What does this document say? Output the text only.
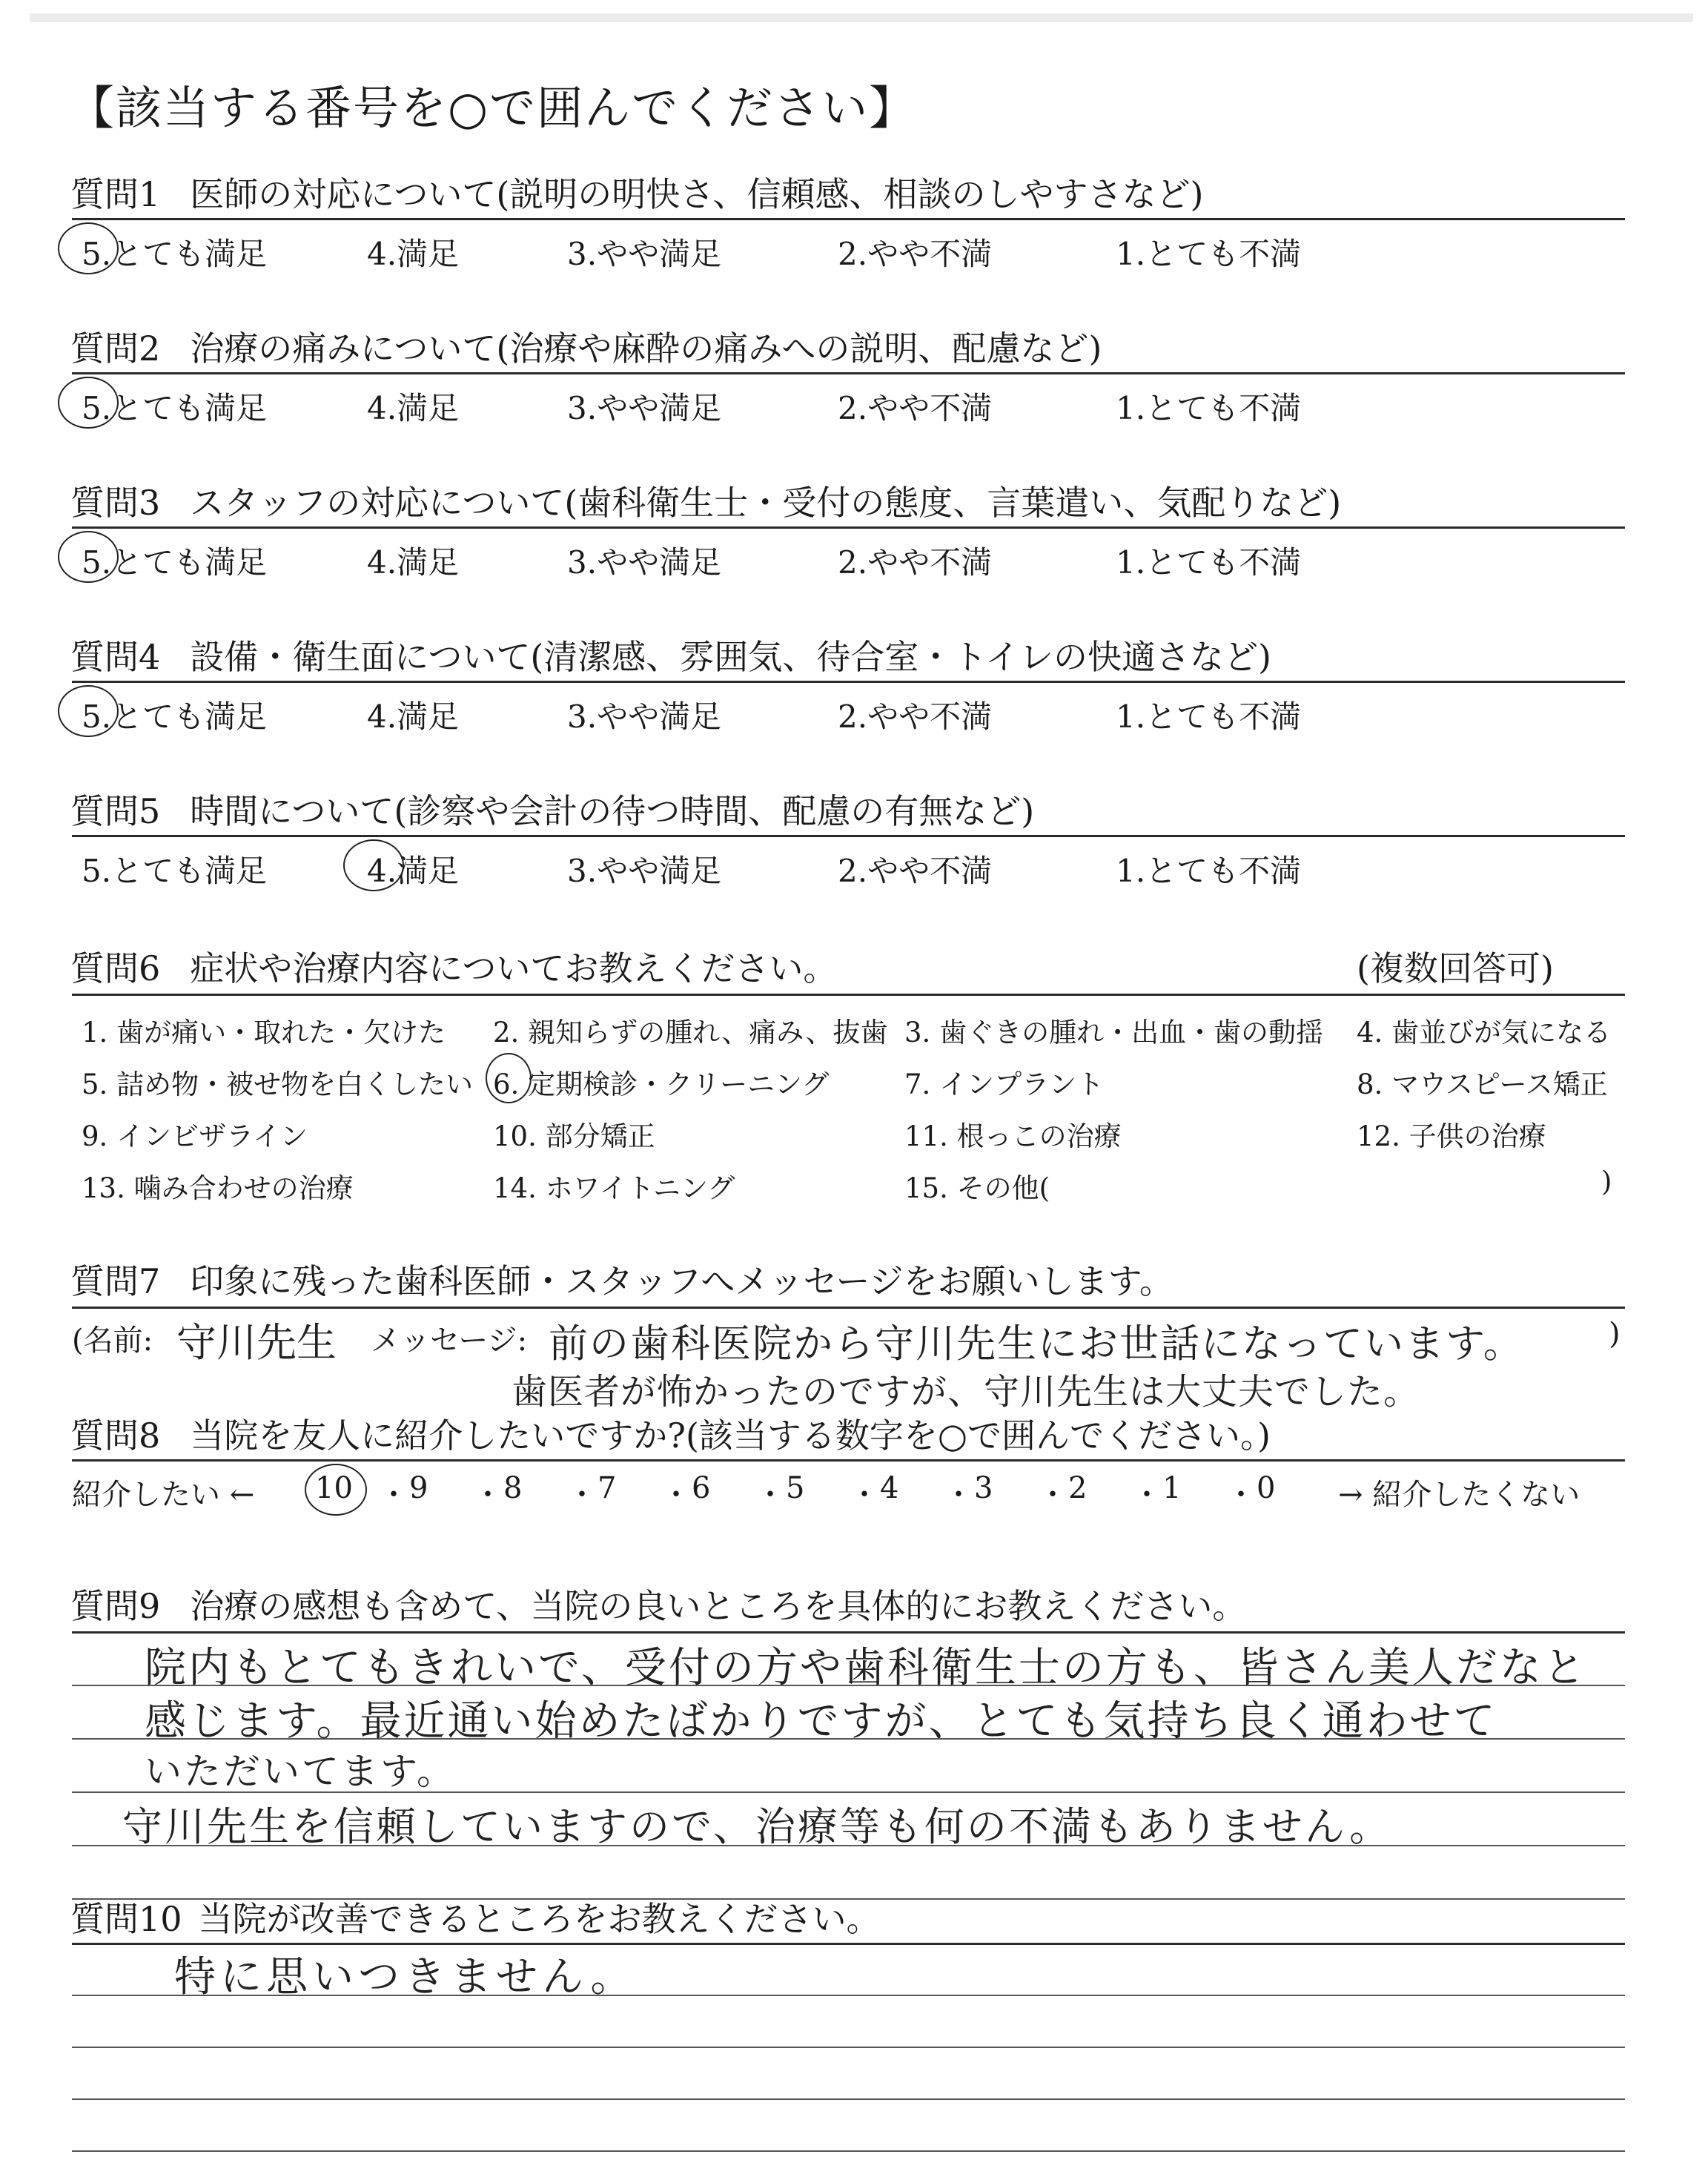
【該当する番号を○で囲んでください】
質問1 医師の対応について(説明の明快さ、信頼感、相談のしやすさなど)
5.とても満足	4.満足	3.やや満足	2.やや不満	1.とても不満
質問2 治療の痛みについて(治療や麻酔の痛みへの説明、配慮など)
5.とても満足	4.満足	3.やや満足	2.やや不満	1.とても不満
質問3 スタッフの対応について(歯科衛生士・受付の態度、言葉遣い、気配りなど)
5.とても満足	4.満足	3.やや満足	2.やや不満	1.とても不満
質問4 設備・衛生面について(清潔感、雰囲気、待合室・トイレの快適さなど)
5.とても満足	4.満足	3.やや満足	2.やや不満	1.とても不満
質問5 時間について(診察や会計の待つ時間、配慮の有無など)
5.とても満足	4.満足	3.やや満足	2.やや不満	1.とても不満
質問6 症状や治療内容についてお教えください。	(複数回答可)
1. 歯が痛い・取れた・欠けた 2. 親知らずの腫れ、痛み、抜歯 3. 歯ぐきの腫れ・出血・歯の動揺 4. 歯並びが気になる
5. 詰め物・被せ物を白くしたい 6. 定期検診・クリーニング	7. インプラント	8. マウスピース矯正
9. インビザライン	10. 部分矯正	11. 根っこの治療	12. 子供の治療
13. 噛み合わせの治療	14. ホワイトニング	15. その他(	)
質問7 印象に残った歯科医師・スタッフへメッセージをお願いします。
(名前: 守川先生 メッセージ: 前の歯科医院から守川先生にお世話になっています。	)
歯医者が怖かったのですが、守川先生は大丈夫でした。
質問8 当院を友人に紹介したいですか?(該当する数字を○で囲んでください。)
紹介したい ← 10 ・ 9 ・ 8 ・ 7 ・ 6 ・ 5 ・ 4 ・ 3 ・ 2 ・ 1 ・ 0 → 紹介したくない
質問9 治療の感想も含めて、当院の良いところを具体的にお教えください。
院内もとてもきれいで、受付の方や歯科衛生士の方も、皆さん美人だなと
感じます。最近通い始めたばかりですが、とても気持ち良く通わせて
いただいてます。
守川先生を信頼していますので、治療等も何の不満もありません。
質問10 当院が改善できるところをお教えください。
特に思いつきません。
